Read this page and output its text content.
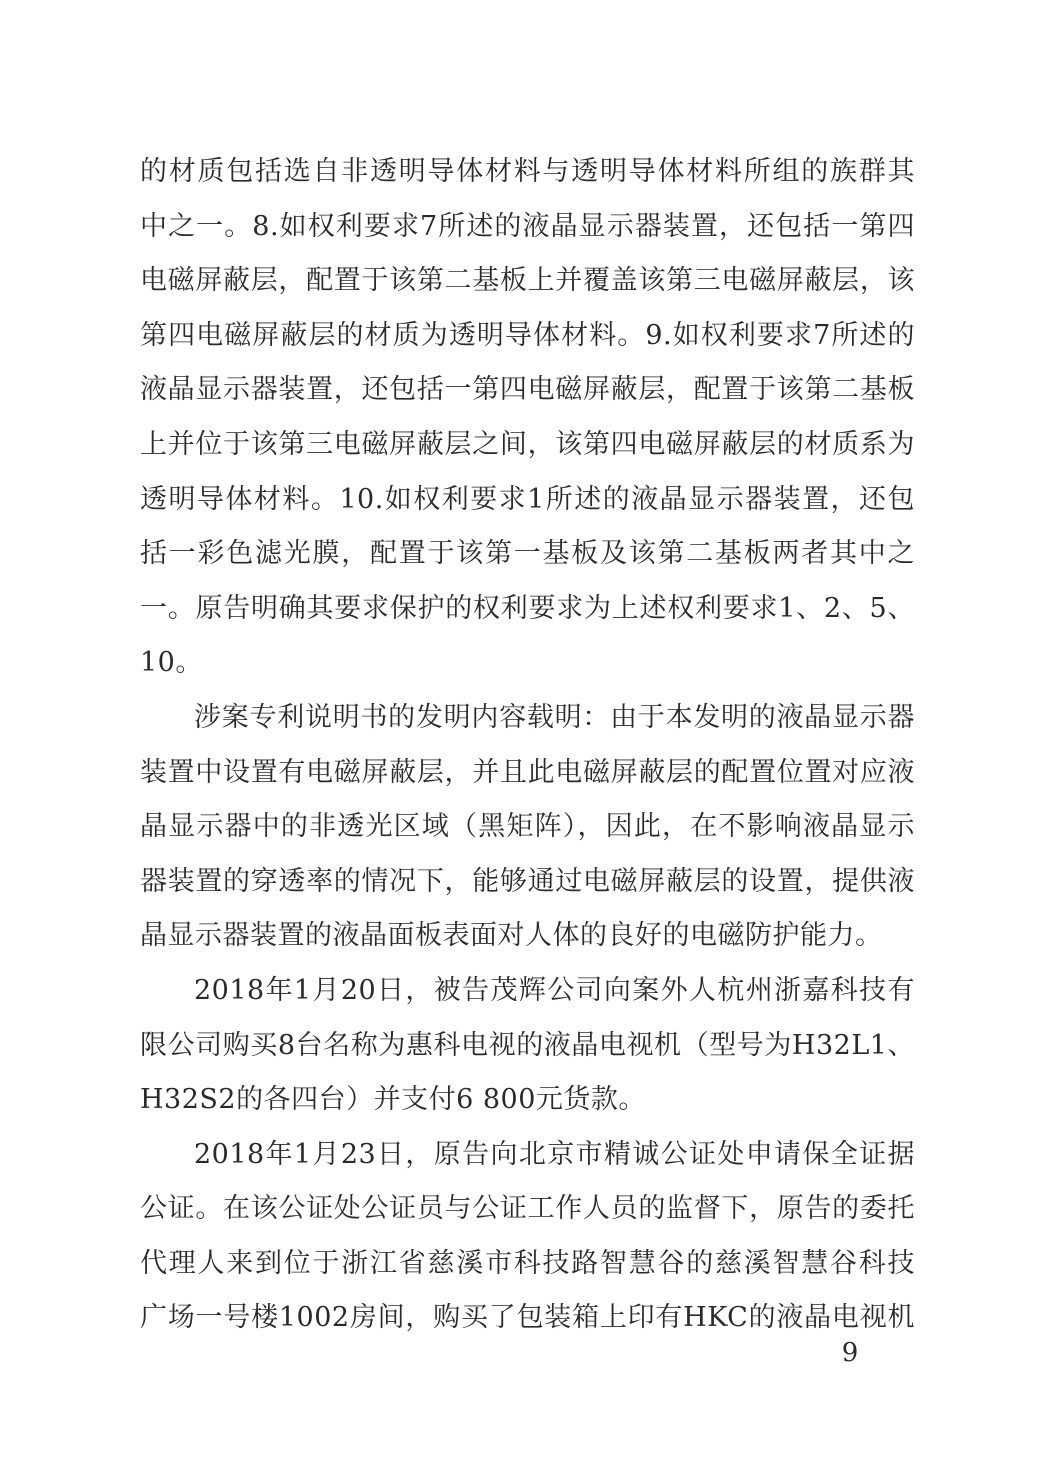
的材质包括选自非透明导体材料与透明导体材料所组的族群其

中之一。8.如权利要求7所述的液晶显示器装置，还包括一第四

电磁屏蔽层，配置于该第二基板上并覆盖该第三电磁屏蔽层，该

第四电磁屏蔽层的材质为透明导体材料。9.如权利要求7所述的

液晶显示器装置，还包括一第四电磁屏蔽层，配置于该第二基板

上并位于该第三电磁屏蔽层之间，该第四电磁屏蔽层的材质系为

透明导体材料。10.如权利要求1所述的液晶显示器装置，还包

括一彩色滤光膜，配置于该第一基板及该第二基板两者其中之

一。原告明确其要求保护的权利要求为上述权利要求1、2、5、

10。

涉案专利说明书的发明内容载明：由于本发明的液晶显示器

装置中设置有电磁屏蔽层，并且此电磁屏蔽层的配置位置对应液

晶显示器中的非透光区域（黑矩阵），因此，在不影响液晶显示

器装置的穿透率的情况下，能够通过电磁屏蔽层的设置，提供液

晶显示器装置的液晶面板表面对人体的良好的电磁防护能力。

2018年1月20日，被告茂辉公司向案外人杭州浙嘉科技有

限公司购买8台名称为惠科电视的液晶电视机（型号为H32L1、

H32S2的各四台）并支付6 800元货款。

2018年1月23日，原告向北京市精诚公证处申请保全证据

公证。在该公证处公证员与公证工作人员的监督下，原告的委托

代理人来到位于浙江省慈溪市科技路智慧谷的慈溪智慧谷科技

广场一号楼1002房间，购买了包装箱上印有HKC的液晶电视机

9
